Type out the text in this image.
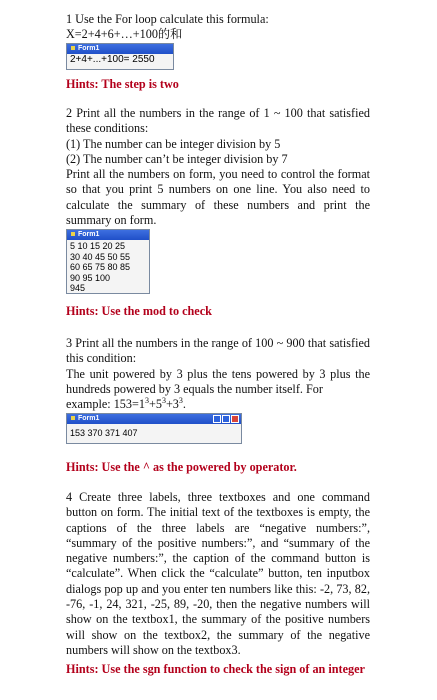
1 Use the For loop calculate this formula:

X=2+4+6+…+100的和

Form1
2+4+...+100= 2550

Hints: The step is two

2 Print all the numbers in the range of 1 ~ 100 that satisfied these conditions:

(1) The number can be integer division by 5

(2) The number can’t be integer division by 7

Print all the numbers on form, you need to control the format so that you print 5 numbers on one line. You also need to calculate the summary of these numbers and print the summary on form.

Form1
5 10 15 20 25
30 40 45 50 55
60 65 75 80 85
90 95 100
945

Hints: Use the mod to check

3 Print all the numbers in the range of 100 ~ 900 that satisfied this condition:

The unit powered by 3 plus the tens powered by 3 plus the hundreds powered by 3 equals the number itself. For

example: $153=1^3+5^3+3^3$.

Form1
153 370 371 407

Hints: Use the ^ as the powered by operator.

4 Create three labels, three textboxes and one command button on form. The initial text of the textboxes is empty, the captions of the three labels are “negative numbers:”, “summary of the positive numbers:”, and “summary of the negative numbers:”, the caption of the command button is “calculate”. When click the “calculate” button, ten inputbox dialogs pop up and you enter ten numbers like this: -2, 73, 82, -76, -1, 24, 321, -25, 89, -20, then the negative numbers will show on the textbox1, the summary of the positive numbers will show on the textbox2, the summary of the negative numbers will show on the textbox3.

Hints: Use the sgn function to check the sign of an integer
